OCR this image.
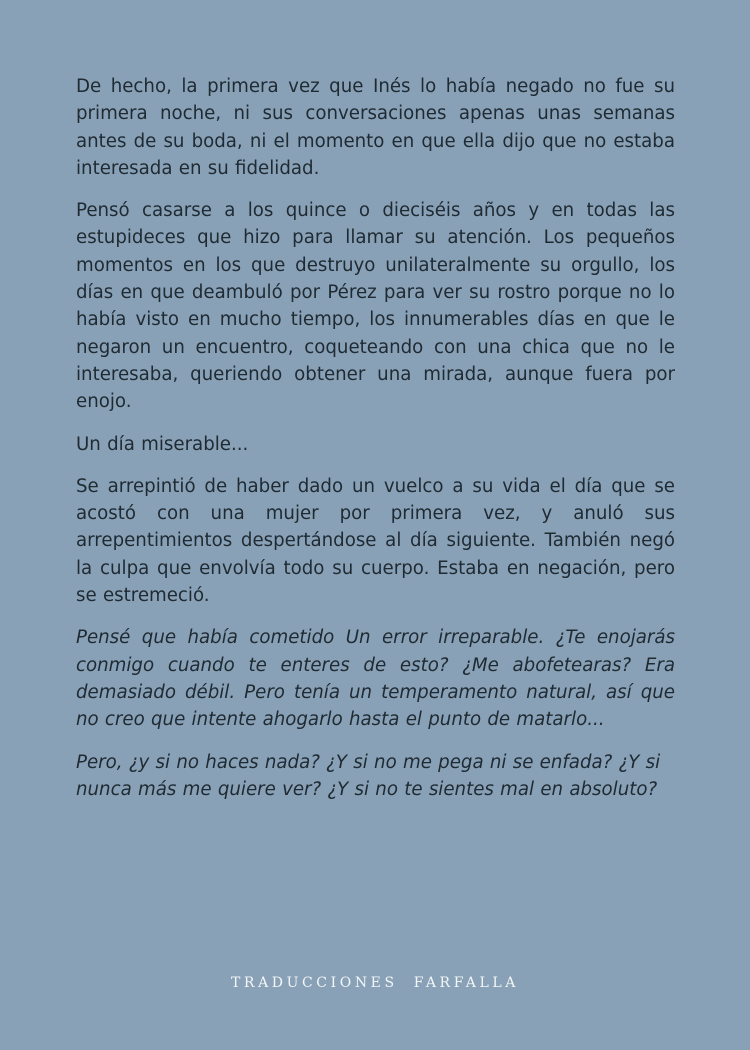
De hecho, la primera vez que Inés lo había negado no fue su primera noche, ni sus conversaciones apenas unas semanas antes de su boda, ni el momento en que ella dijo que no estaba interesada en su fidelidad.

Pensó casarse a los quince o dieciséis años y en todas las estupideces que hizo para llamar su atención. Los pequeños momentos en los que destruyo unilateralmente su orgullo, los días en que deambuló por Pérez para ver su rostro porque no lo había visto en mucho tiempo, los innumerables días en que le negaron un encuentro, coqueteando con una chica que no le interesaba, queriendo obtener una mirada, aunque fuera por enojo.

Un día miserable...

Se arrepintió de haber dado un vuelco a su vida el día que se acostó con una mujer por primera vez, y anuló sus arrepentimientos despertándose al día siguiente. También negó la culpa que envolvía todo su cuerpo. Estaba en negación, pero se estremeció.

Pensé que había cometido Un error irreparable. ¿Te enojarás conmigo cuando te enteres de esto? ¿Me abofetearas? Era demasiado débil. Pero tenía un temperamento natural, así que no creo que intente ahogarlo hasta el punto de matarlo...

Pero, ¿y si no haces nada? ¿Y si no me pega ni se enfada? ¿Y si nunca más me quiere ver? ¿Y si no te sientes mal en absoluto?

TRADUCCIONES FARFALLA
